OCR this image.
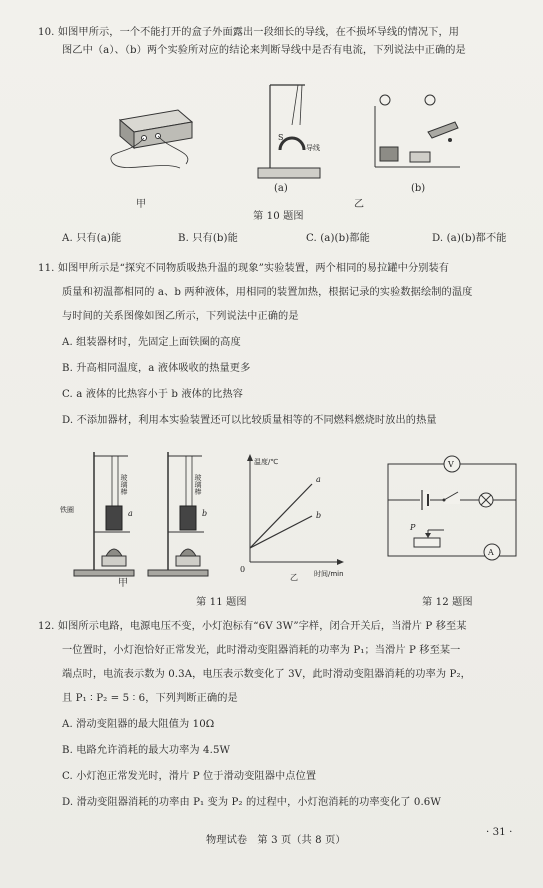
10. 如图甲所示，一个不能打开的盒子外面露出一段细长的导线，在不损坏导线的情况下，用
图乙中（a）、（b）两个实验所对应的结论来判断导线中是否有电流，下列说法中正确的是
甲
S
导线
(a)
乙
(b)
第 10 题图
A. 只有(a)能	B. 只有(b)能	C. (a)(b)都能	D. (a)(b)都不能
11. 如图甲所示是“探究不同物质吸热升温的现象”实验装置，两个相同的易拉罐中分别装有
质量和初温都相同的 a、b 两种液体，用相同的装置加热，根据记录的实验数据绘制的温度
与时间的关系图像如图乙所示，下列说法中正确的是
A. 组装器材时，先固定上面铁圈的高度
B. 升高相同温度，a 液体吸收的热量更多
C. a 液体的比热容小于 b 液体的比热容
D. 不添加器材，利用本实验装置还可以比较质量相等的不同燃料燃烧时放出的热量
铁圈
玻璃棒	玻璃棒
a	b
甲
a
b
温度/℃
时间/min
0
乙
第 11 题图
V
P
A
第 12 题图
12. 如图所示电路，电源电压不变，小灯泡标有“6V 3W”字样，闭合开关后，当滑片 P 移至某
一位置时，小灯泡恰好正常发光，此时滑动变阻器消耗的功率为 P₁；当滑片 P 移至某一
端点时，电流表示数为 0.3A，电压表示数变化了 3V，此时滑动变阻器消耗的功率为 P₂，
且 P₁ ∶ P₂ = 5 ∶ 6，下列判断正确的是
A. 滑动变阻器的最大阻值为 10Ω
B. 电路允许消耗的最大功率为 4.5W
C. 小灯泡正常发光时，滑片 P 位于滑动变阻器中点位置
D. 滑动变阻器消耗的功率由 P₁ 变为 P₂ 的过程中，小灯泡消耗的功率变化了 0.6W
物理试卷　第 3 页（共 8 页）
· 31 ·
